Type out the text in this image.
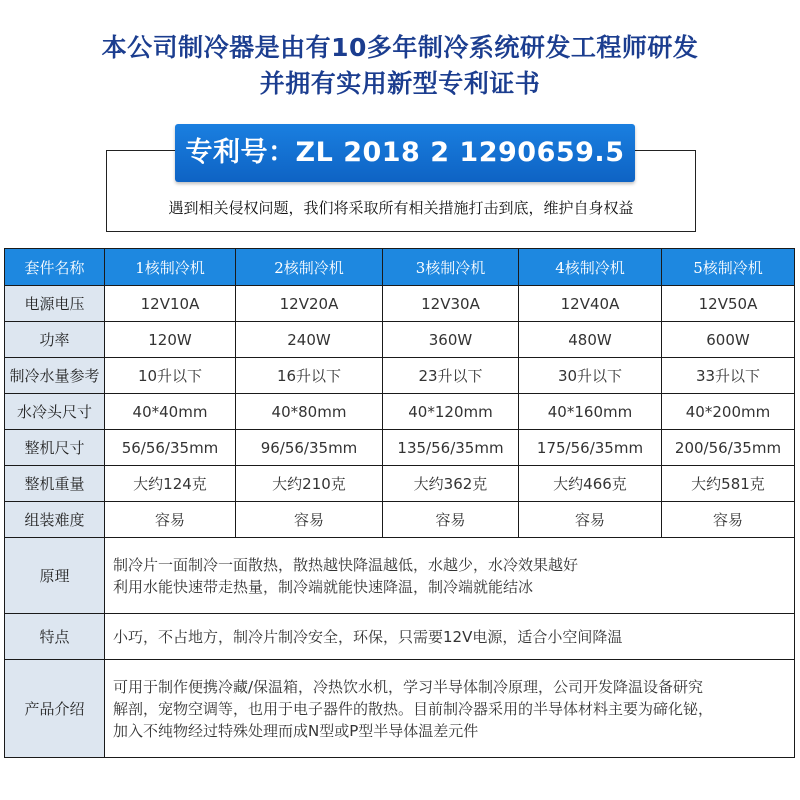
本公司制冷器是由有10多年制冷系统研发工程师研发
并拥有实用新型专利证书
遇到相关侵权问题，我们将采取所有相关措施打击到底，维护自身权益
专利号：ZL 2018 2 1290659.5
套件名称	1核制冷机	2核制冷机	3核制冷机	4核制冷机	5核制冷机
电源电压	12V10A	12V20A	12V30A	12V40A	12V50A
功率	120W	240W	360W	480W	600W
制冷水量参考	10升以下	16升以下	23升以下	30升以下	33升以下
水冷头尺寸	40*40mm	40*80mm	40*120mm	40*160mm	40*200mm
整机尺寸	56/56/35mm	96/56/35mm	135/56/35mm	175/56/35mm	200/56/35mm
整机重量	大约124克	大约210克	大约362克	大约466克	大约581克
组装难度	容易	容易	容易	容易	容易
原理	制冷片一面制冷一面散热，散热越快降温越低，水越少，水冷效果越好
利用水能快速带走热量，制冷端就能快速降温，制冷端就能结冰				

特点	小巧，不占地方，制冷片制冷安全，环保，只需要12V电源，适合小空间降温				
产品介绍	可用于制作便携冷藏/保温箱，冷热饮水机，学习半导体制冷原理，公司开发降温设备研究
解剖，宠物空调等，也用于电子器件的散热。目前制冷器采用的半导体材料主要为碲化铋，
加入不纯物经过特殊处理而成N型或P型半导体温差元件				
